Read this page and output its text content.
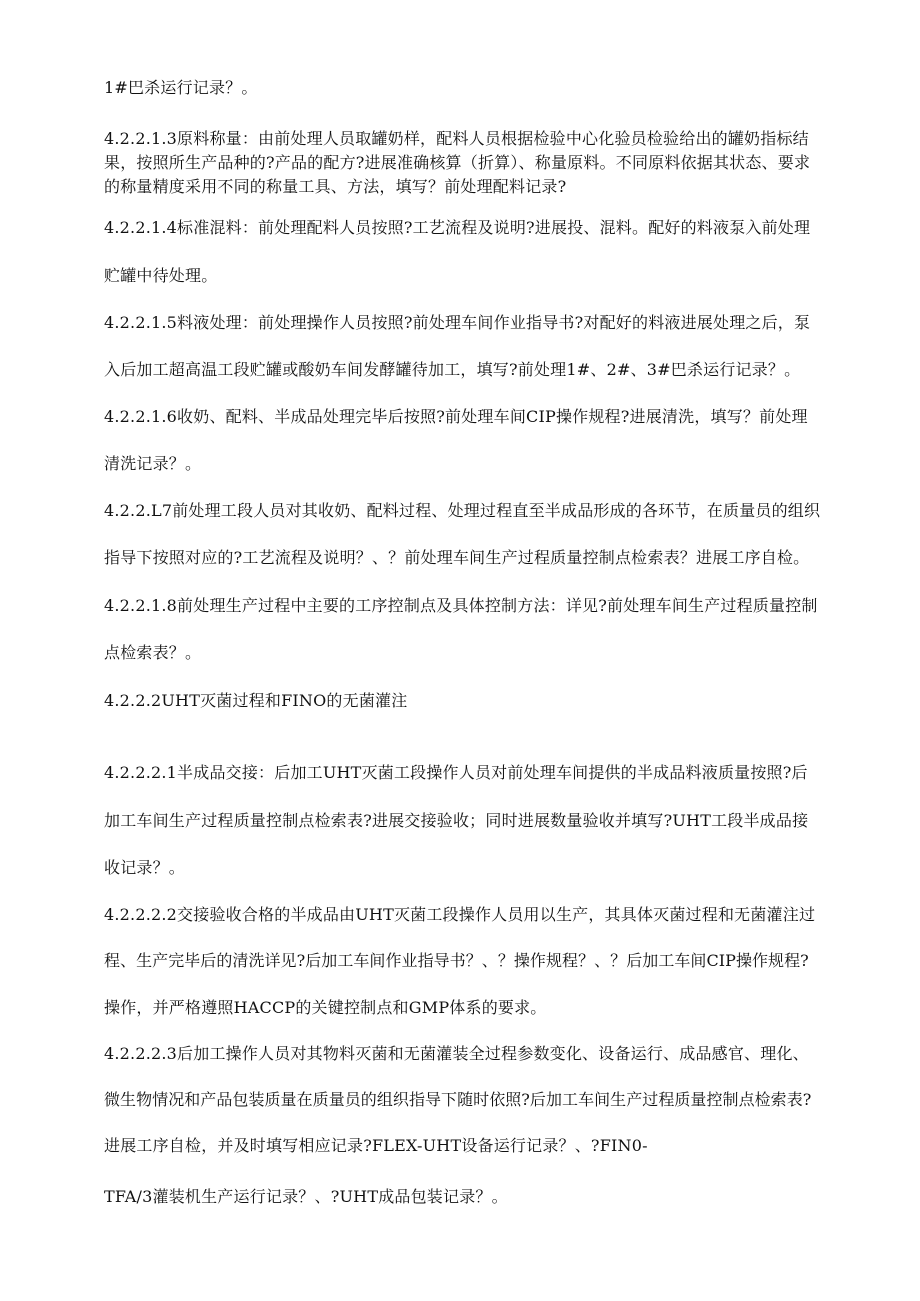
1#巴杀运行记录？。
4.2.2.1.3原料称量：由前处理人员取罐奶样，配料人员根据检验中心化验员检验给出的罐奶指标结
果，按照所生产品种的?产品的配方?进展准确核算（折算）、称量原料。不同原料依据其状态、要求
的称量精度采用不同的称量工具、方法，填写？前处理配料记录?
4.2.2.1.4标准混料：前处理配料人员按照?工艺流程及说明?进展投、混料。配好的料液泵入前处理
贮罐中待处理。
4.2.2.1.5料液处理：前处理操作人员按照?前处理车间作业指导书?对配好的料液进展处理之后，泵
入后加工超高温工段贮罐或酸奶车间发酵罐待加工，填写?前处理1#、2#、3#巴杀运行记录？。
4.2.2.1.6收奶、配料、半成品处理完毕后按照?前处理车间CIP操作规程?进展清洗，填写？前处理
清洗记录？。
4.2.2.L7前处理工段人员对其收奶、配料过程、处理过程直至半成品形成的各环节，在质量员的组织
指导下按照对应的?工艺流程及说明？、？前处理车间生产过程质量控制点检索表？进展工序自检。
4.2.2.1.8前处理生产过程中主要的工序控制点及具体控制方法：详见?前处理车间生产过程质量控制
点检索表？。
4.2.2.2UHT灭菌过程和FINO的无菌灌注
4.2.2.2.1半成品交接：后加工UHT灭菌工段操作人员对前处理车间提供的半成品料液质量按照?后
加工车间生产过程质量控制点检索表?进展交接验收；同时进展数量验收并填写?UHT工段半成品接
收记录？。
4.2.2.2.2交接验收合格的半成品由UHT灭菌工段操作人员用以生产，其具体灭菌过程和无菌灌注过
程、生产完毕后的清洗详见?后加工车间作业指导书？、？操作规程？、？后加工车间CIP操作规程?
操作，并严格遵照HACCP的关键控制点和GMP体系的要求。
4.2.2.2.3后加工操作人员对其物料灭菌和无菌灌装全过程参数变化、设备运行、成品感官、理化、
微生物情况和产品包装质量在质量员的组织指导下随时依照?后加工车间生产过程质量控制点检索表?
进展工序自检，并及时填写相应记录?FLEX-UHT设备运行记录？、?FIN0-
TFA/3灌装机生产运行记录？、?UHT成品包装记录？。
